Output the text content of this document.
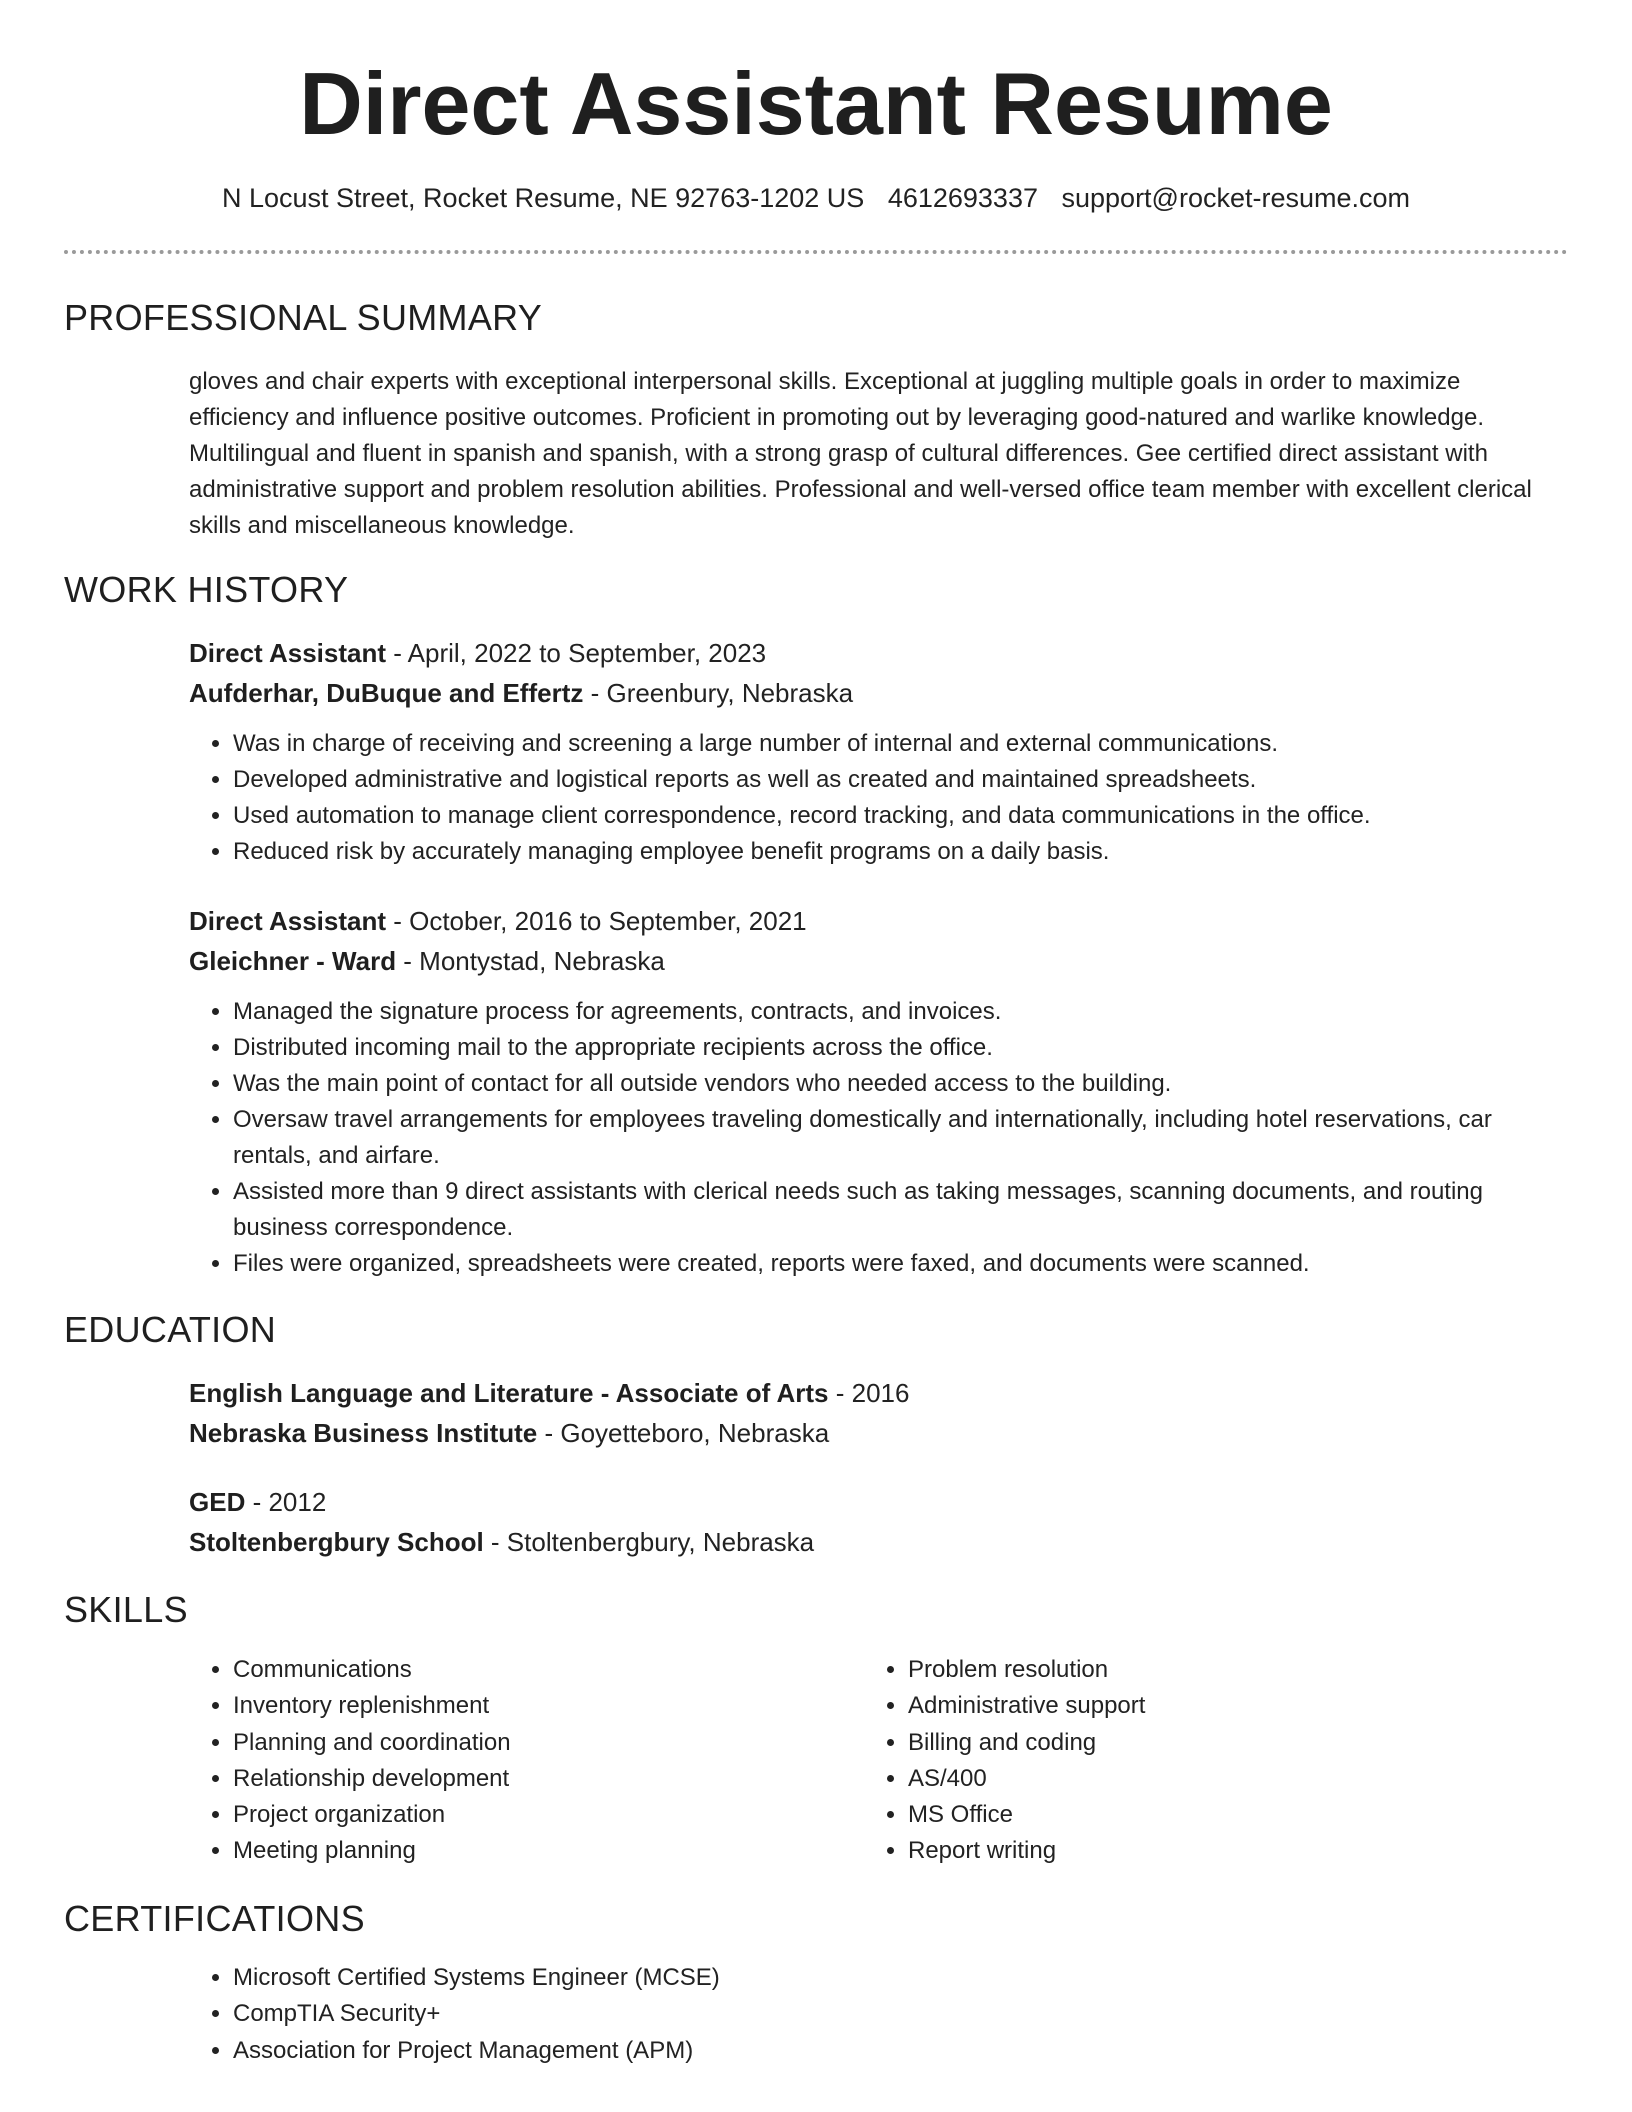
Direct Assistant Resume
N Locust Street, Rocket Resume, NE 92763-1202 US 4612693337 support@rocket-resume.com
PROFESSIONAL SUMMARY

gloves and chair experts with exceptional interpersonal skills. Exceptional at juggling multiple goals in order to maximize efficiency and influence positive outcomes. Proficient in promoting out by leveraging good-natured and warlike knowledge. Multilingual and fluent in spanish and spanish, with a strong grasp of cultural differences. Gee certified direct assistant with administrative support and problem resolution abilities. Professional and well-versed office team member with excellent clerical skills and miscellaneous knowledge.

WORK HISTORY

Direct Assistant - April, 2022 to September, 2023

Aufderhar, DuBuque and Effertz - Greenbury, Nebraska

• Was in charge of receiving and screening a large number of internal and external communications.
• Developed administrative and logistical reports as well as created and maintained spreadsheets.
• Used automation to manage client correspondence, record tracking, and data communications in the office.
• Reduced risk by accurately managing employee benefit programs on a daily basis.

Direct Assistant - October, 2016 to September, 2021

Gleichner - Ward - Montystad, Nebraska

• Managed the signature process for agreements, contracts, and invoices.
• Distributed incoming mail to the appropriate recipients across the office.
• Was the main point of contact for all outside vendors who needed access to the building.
• Oversaw travel arrangements for employees traveling domestically and internationally, including hotel reservations, car rentals, and airfare.
• Assisted more than 9 direct assistants with clerical needs such as taking messages, scanning documents, and routing business correspondence.
• Files were organized, spreadsheets were created, reports were faxed, and documents were scanned.
EDUCATION

English Language and Literature - Associate of Arts - 2016

Nebraska Business Institute - Goyetteboro, Nebraska

GED - 2012

Stoltenbergbury School - Stoltenbergbury, Nebraska

SKILLS
• Communications
• Inventory replenishment
• Planning and coordination
• Relationship development
• Project organization
• Meeting planning
• Problem resolution
• Administrative support
• Billing and coding
• AS/400
• MS Office
• Report writing
CERTIFICATIONS
• Microsoft Certified Systems Engineer (MCSE)
• CompTIA Security+
• Association for Project Management (APM)
